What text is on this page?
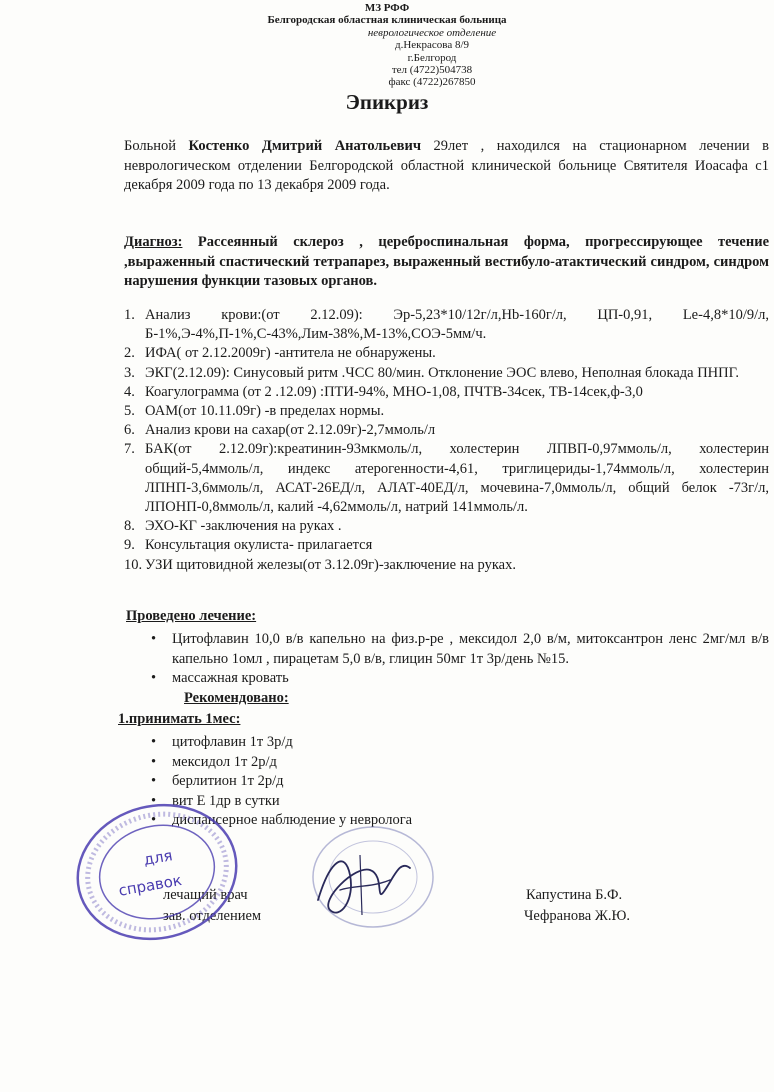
МЗ РФФ
Белгородская областная клиническая больница
неврологическое отделение
д.Некрасова 8/9
г.Белгород
тел (4722)504738
факс (4722)267850
Эпикриз
Больной Костенко Дмитрий Анатольевич 29лет , находился на стационарном лечении в неврологическом отделении Белгородской областной клинической больнице Святителя Иоасафа с1 декабря 2009 года по 13 декабря 2009 года.
Диагноз: Рассеянный склероз , цереброспинальная форма, прогрессирующее течение ,выраженный спастический тетрапарез, выраженный вестибуло-атактический синдром, синдром нарушения функции тазовых органов.
1. Анализ крови:(от 2.12.09): Эр-5,23*10/12г/л,Hb-160г/л, ЦП-0,91, Le-4,8*10/9/л, Б-1%,Э-4%,П-1%,С-43%,Лим-38%,М-13%,СОЭ-5мм/ч.
2. ИФА( от 2.12.2009г) -антитела не обнаружены.
3. ЭКГ(2.12.09): Синусовый ритм .ЧСС 80/мин. Отклонение ЭОС влево, Неполная блокада ПНПГ.
4. Коагулограмма (от 2 .12.09) :ПТИ-94%, МНО-1,08, ПЧТВ-34сек, ТВ-14сек,ф-3,0
5. ОАМ(от 10.11.09г) -в пределах нормы.
6. Анализ крови на сахар(от 2.12.09г)-2,7ммоль/л
7. БАК(от 2.12.09г):креатинин-93мкмоль/л, холестерин ЛПВП-0,97ммоль/л, холестерин общий-5,4ммоль/л, индекс атерогенности-4,61, триглицериды-1,74ммоль/л, холестерин ЛПНП-3,6ммоль/л, АСАТ-26ЕД/л, АЛАТ-40ЕД/л, мочевина-7,0ммоль/л, общий белок -73г/л, ЛПОНП-0,8ммоль/л, калий -4,62ммоль/л, натрий 141ммоль/л.
8. ЭХО-КГ -заключения на руках .
9. Консультация окулиста- прилагается
10. УЗИ щитовидной железы(от 3.12.09г)-заключение на руках.
Проведено лечение:
• Цитофлавин 10,0 в/в капельно на физ.р-ре , мексидол 2,0 в/м, митоксантрон ленс 2мг/мл в/в капельно 1омл , пирацетам 5,0 в/в, глицин 50мг 1т 3р/день №15.
• массажная кровать
Рекомендовано:
1.принимать 1мес:
• цитофлавин 1т 3р/д
• мексидол 1т 2р/д
• берлитион 1т 2р/д
• вит Е 1др в сутки
• диспансерное наблюдение у невролога
лечащий врач
зав. отделением
Капустина Б.Ф.
Чефранова Ж.Ю.
для
справок
